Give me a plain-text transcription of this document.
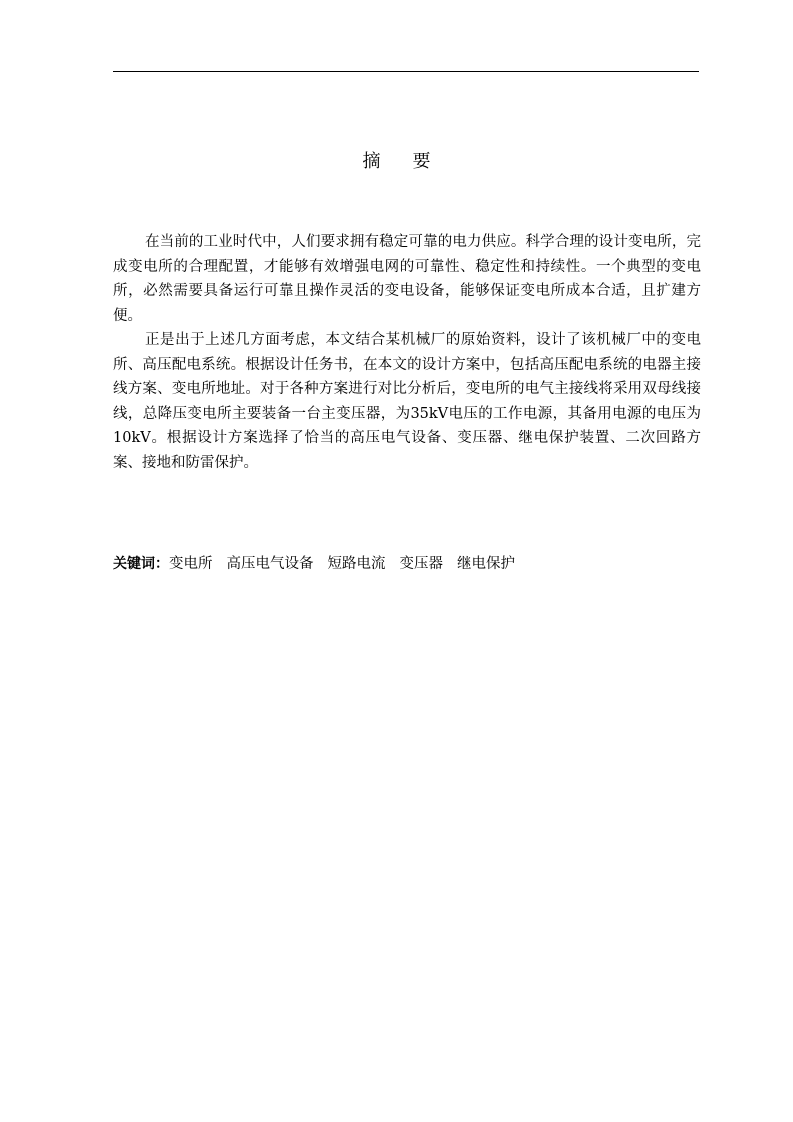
摘 要

在当前的工业时代中，人们要求拥有稳定可靠的电力供应。科学合理的设计变电所，完成变电所的合理配置，才能够有效增强电网的可靠性、稳定性和持续性。一个典型的变电所，必然需要具备运行可靠且操作灵活的变电设备，能够保证变电所成本合适，且扩建方便。

正是出于上述几方面考虑，本文结合某机械厂的原始资料，设计了该机械厂中的变电所、高压配电系统。根据设计任务书，在本文的设计方案中，包括高压配电系统的电器主接线方案、变电所地址。对于各种方案进行对比分析后，变电所的电气主接线将采用双母线接线，总降压变电所主要装备一台主变压器，为35kV电压的工作电源，其备用电源的电压为10kV。根据设计方案选择了恰当的高压电气设备、变压器、继电保护装置、二次回路方案、接地和防雷保护。

关键词：变电所 高压电气设备 短路电流 变压器 继电保护
